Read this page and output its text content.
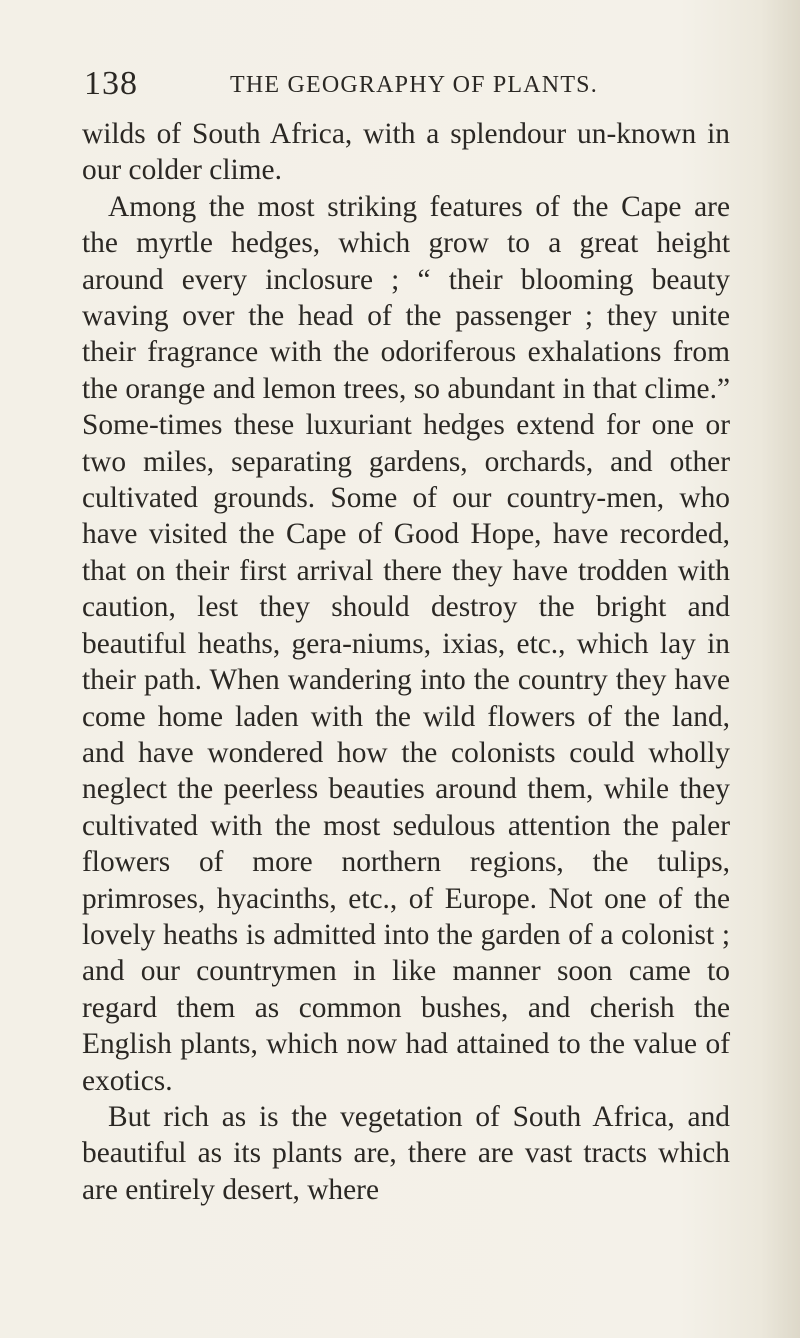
138	THE GEOGRAPHY OF PLANTS.

wilds of South Africa, with a splendour un-known in our colder clime.

Among the most striking features of the Cape are the myrtle hedges, which grow to a great height around every inclosure ; “ their blooming beauty waving over the head of the passenger ; they unite their fragrance with the odoriferous exhalations from the orange and lemon trees, so abundant in that clime.” Some-times these luxuriant hedges extend for one or two miles, separating gardens, orchards, and other cultivated grounds. Some of our country-men, who have visited the Cape of Good Hope, have recorded, that on their first arrival there they have trodden with caution, lest they should destroy the bright and beautiful heaths, gera-niums, ixias, etc., which lay in their path. When wandering into the country they have come home laden with the wild flowers of the land, and have wondered how the colonists could wholly neglect the peerless beauties around them, while they cultivated with the most sedulous attention the paler flowers of more northern regions, the tulips, primroses, hyacinths, etc., of Europe. Not one of the lovely heaths is admitted into the garden of a colonist ; and our countrymen in like manner soon came to regard them as common bushes, and cherish the English plants, which now had attained to the value of exotics.

But rich as is the vegetation of South Africa, and beautiful as its plants are, there are vast tracts which are entirely desert, where
